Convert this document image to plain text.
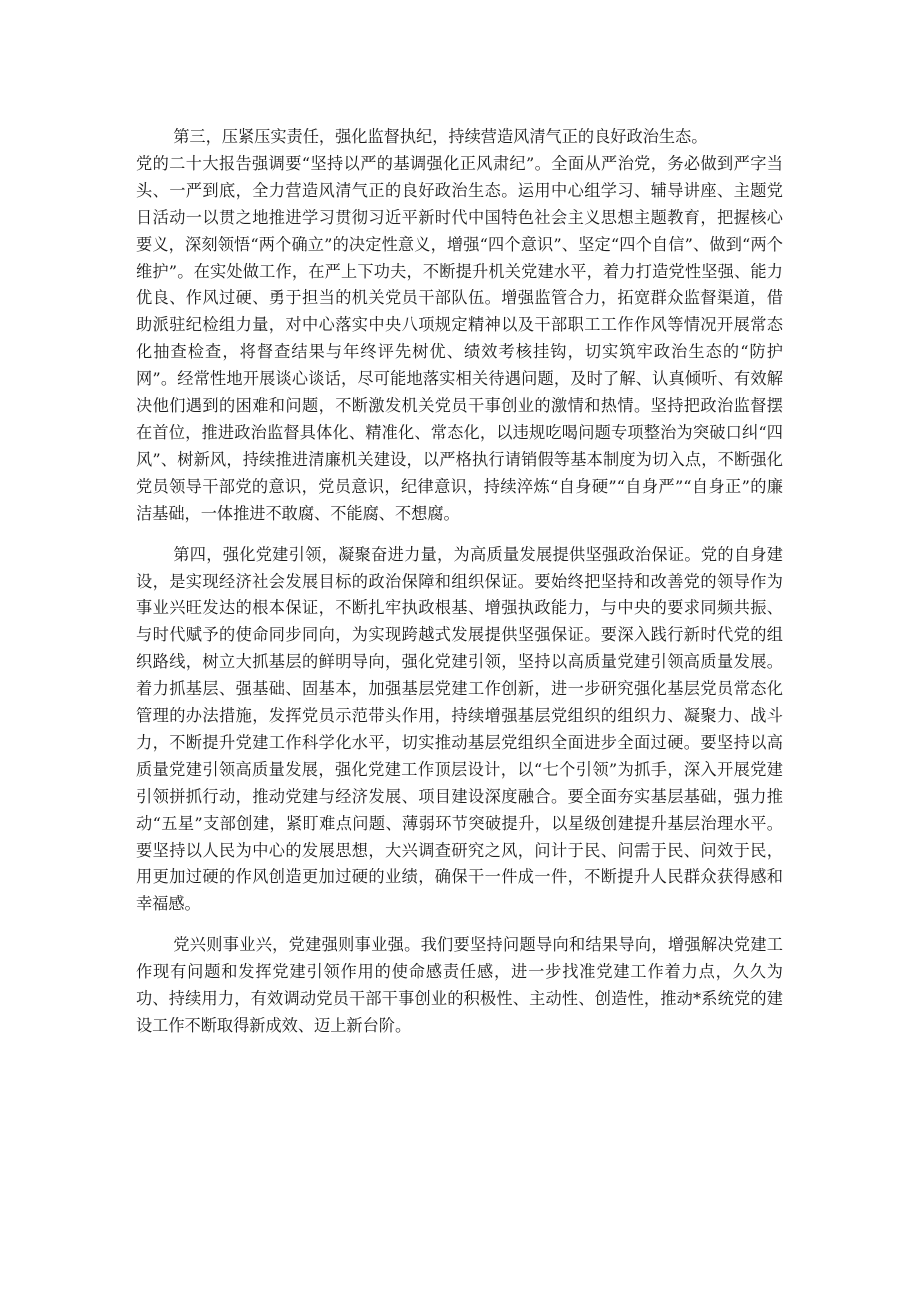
第三，压紧压实责任，强化监督执纪，持续营造风清气正的良好政治生态。
党的二十大报告强调要“坚持以严的基调强化正风肃纪”。全面从严治党，务必做到严字当头、一严到底，全力营造风清气正的良好政治生态。运用中心组学习、辅导讲座、主题党日活动一以贯之地推进学习贯彻习近平新时代中国特色社会主义思想主题教育，把握核心要义，深刻领悟“两个确立”的决定性意义，增强“四个意识”、坚定“四个自信”、做到“两个维护”。在实处做工作，在严上下功夫，不断提升机关党建水平，着力打造党性坚强、能力优良、作风过硬、勇于担当的机关党员干部队伍。增强监管合力，拓宽群众监督渠道，借助派驻纪检组力量，对中心落实中央八项规定精神以及干部职工工作作风等情况开展常态化抽查检查，将督查结果与年终评先树优、绩效考核挂钩，切实筑牢政治生态的“防护网”。经常性地开展谈心谈话，尽可能地落实相关待遇问题，及时了解、认真倾听、有效解决他们遇到的困难和问题，不断激发机关党员干事创业的激情和热情。坚持把政治监督摆在首位，推进政治监督具体化、精准化、常态化，以违规吃喝问题专项整治为突破口纠“四风”、树新风，持续推进清廉机关建设，以严格执行请销假等基本制度为切入点，不断强化党员领导干部党的意识，党员意识，纪律意识，持续淬炼“自身硬”“自身严”“自身正”的廉洁基础，一体推进不敢腐、不能腐、不想腐。

第四，强化党建引领，凝聚奋进力量，为高质量发展提供坚强政治保证。党的自身建设，是实现经济社会发展目标的政治保障和组织保证。要始终把坚持和改善党的领导作为事业兴旺发达的根本保证，不断扎牢执政根基、增强执政能力，与中央的要求同频共振、与时代赋予的使命同步同向，为实现跨越式发展提供坚强保证。要深入践行新时代党的组织路线，树立大抓基层的鲜明导向，强化党建引领，坚持以高质量党建引领高质量发展。着力抓基层、强基础、固基本，加强基层党建工作创新，进一步研究强化基层党员常态化管理的办法措施，发挥党员示范带头作用，持续增强基层党组织的组织力、凝聚力、战斗力，不断提升党建工作科学化水平，切实推动基层党组织全面进步全面过硬。要坚持以高质量党建引领高质量发展，强化党建工作顶层设计，以“七个引领”为抓手，深入开展党建引领拼抓行动，推动党建与经济发展、项目建设深度融合。要全面夯实基层基础，强力推动“五星”支部创建，紧盯难点问题、薄弱环节突破提升，以星级创建提升基层治理水平。要坚持以人民为中心的发展思想，大兴调查研究之风，问计于民、问需于民、问效于民，用更加过硬的作风创造更加过硬的业绩，确保干一件成一件，不断提升人民群众获得感和幸福感。

党兴则事业兴，党建强则事业强。我们要坚持问题导向和结果导向，增强解决党建工作现有问题和发挥党建引领作用的使命感责任感，进一步找准党建工作着力点，久久为功、持续用力，有效调动党员干部干事创业的积极性、主动性、创造性，推动*系统党的建设工作不断取得新成效、迈上新台阶。
